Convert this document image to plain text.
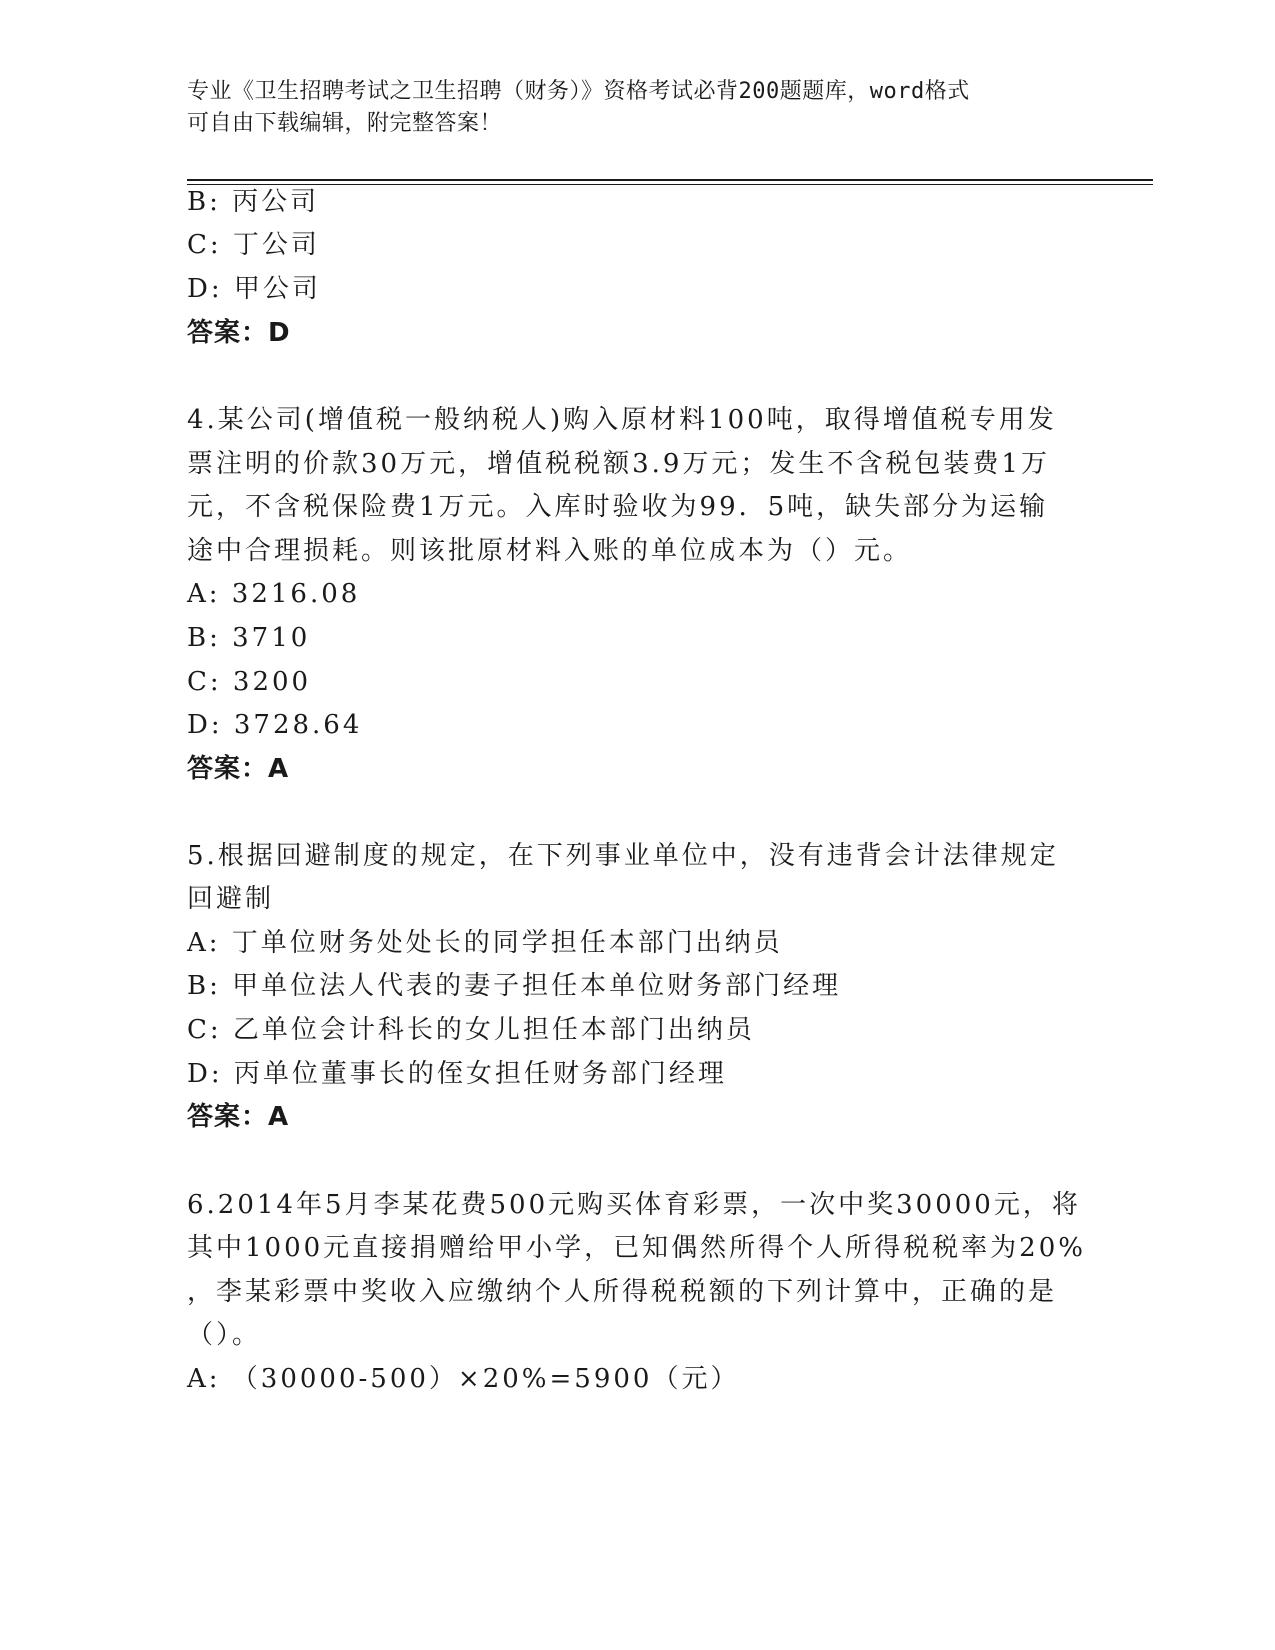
专业《卫生招聘考试之卫生招聘（财务）》资格考试必背200题题库，word格式
可自由下载编辑，附完整答案！
B: 丙公司
C: 丁公司
D: 甲公司
答案：D
4.某公司(增值税一般纳税人)购入原材料100吨，取得增值税专用发
票注明的价款30万元，增值税税额3.9万元；发生不含税包装费1万
元，不含税保险费1万元。入库时验收为99．5吨，缺失部分为运输
途中合理损耗。则该批原材料入账的单位成本为（）元。
A: 3216.08
B: 3710
C: 3200
D: 3728.64
答案：A
5.根据回避制度的规定，在下列事业单位中，没有违背会计法律规定
回避制
A: 丁单位财务处处长的同学担任本部门出纳员
B: 甲单位法人代表的妻子担任本单位财务部门经理
C: 乙单位会计科长的女儿担任本部门出纳员
D: 丙单位董事长的侄女担任财务部门经理
答案：A
6.2014年5月李某花费500元购买体育彩票，一次中奖30000元，将
其中1000元直接捐赠给甲小学，已知偶然所得个人所得税税率为20%
，李某彩票中奖收入应缴纳个人所得税税额的下列计算中，正确的是
（）。
A: （30000-500）×20%=5900（元）
